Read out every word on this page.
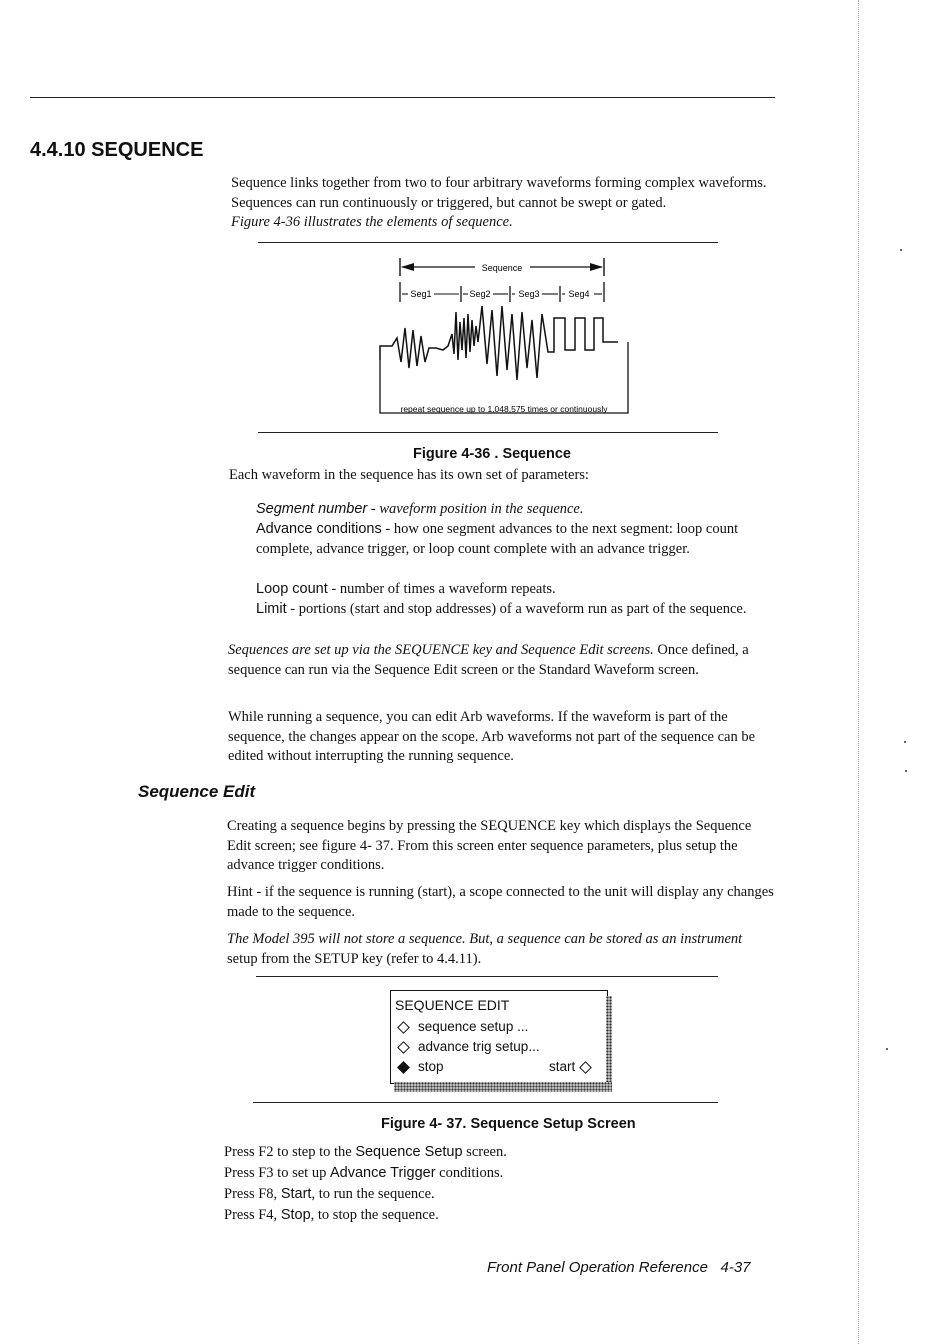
4.4.10 SEQUENCE

Sequence links together from two to four arbitrary waveforms forming complex waveforms. Sequences can run continuously or triggered, but cannot be swept or gated.

Figure 4-36 illustrates the elements of sequence.

Sequence
Seg1	Seg2	Seg3	Seg4
repeat sequence up to 1,048,575 times or continuously
Figure 4-36 . Sequence
Each waveform in the sequence has its own set of parameters:
Segment number - waveform position in the sequence.
Advance conditions - how one segment advances to the next segment: loop count complete, advance trigger, or loop count complete with an advance trigger.
Loop count - number of times a waveform repeats.
Limit - portions (start and stop addresses) of a waveform run as part of the sequence.
Sequences are set up via the SEQUENCE key and Sequence Edit screens. Once defined, a sequence can run via the Sequence Edit screen or the Standard Waveform screen.
While running a sequence, you can edit Arb waveforms. If the waveform is part of the sequence, the changes appear on the scope. Arb waveforms not part of the sequence can be edited without interrupting the running sequence.
Sequence Edit
Creating a sequence begins by pressing the SEQUENCE key which displays the Sequence Edit screen; see figure 4- 37. From this screen enter sequence parameters, plus setup the advance trigger conditions.
Hint - if the sequence is running (start), a scope connected to the unit will display any changes made to the sequence.
The Model 395 will not store a sequence. But, a sequence can be stored as an instrument
setup from the SETUP key (refer to 4.4.11).
SEQUENCE EDIT
sequence setup ...
advance trig setup...
stop	start
Figure 4- 37. Sequence Setup Screen
Press F2 to step to the Sequence Setup screen.
Press F3 to set up Advance Trigger conditions.
Press F8, Start, to run the sequence.
Press F4, Stop, to stop the sequence.
Front Panel Operation Reference 4-37
